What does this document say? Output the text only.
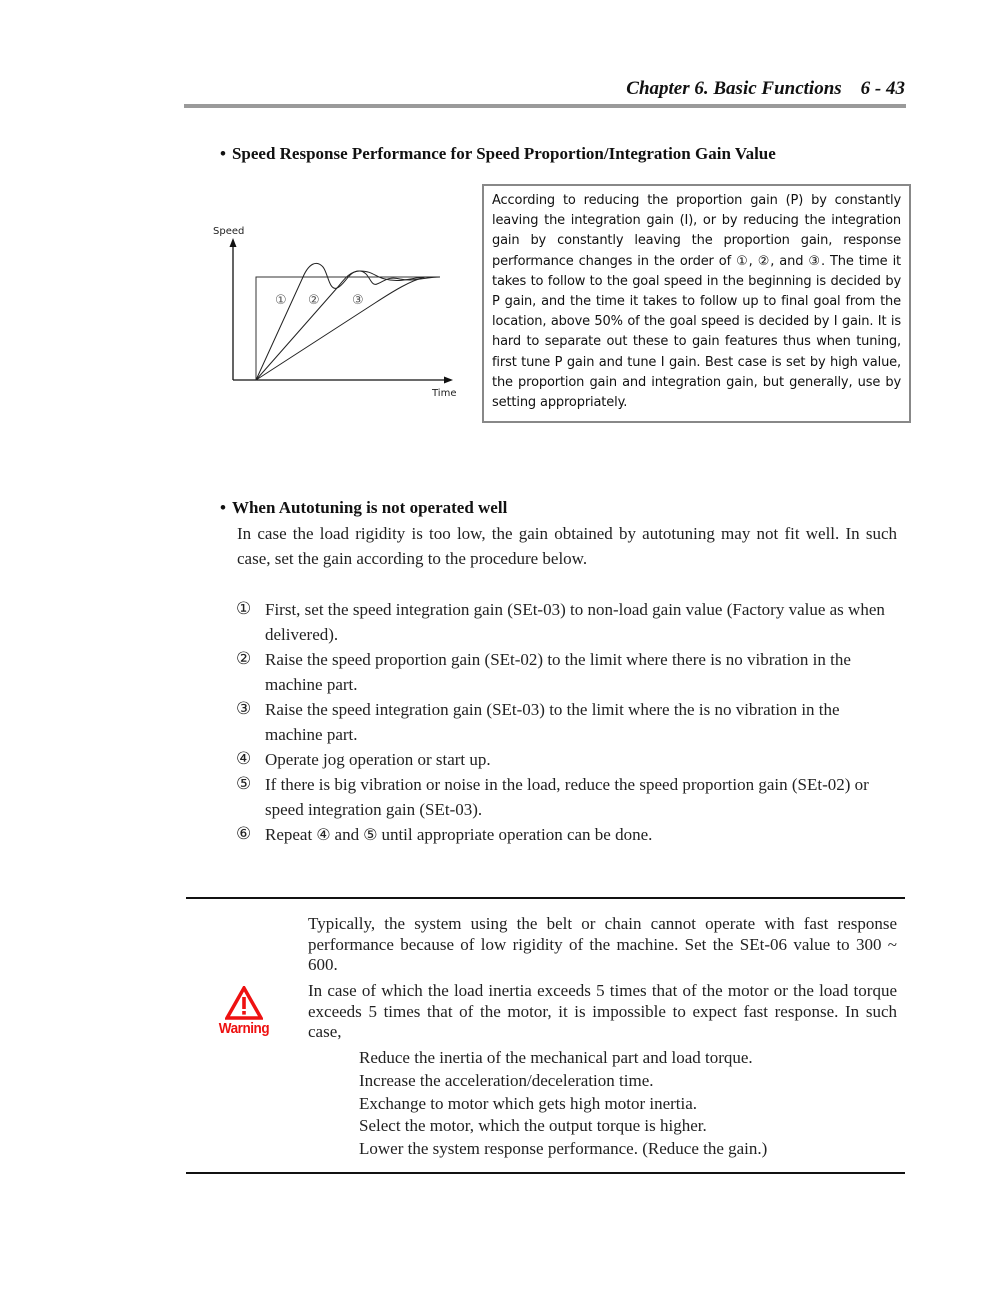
Chapter 6. Basic Functions 6 - 43
• Speed Response Performance for Speed Proportion/Integration Gain Value
Speed
Time
① ② ③

According to reducing the proportion gain (P) by constantly leaving the integration gain (I), or by reducing the integration gain by constantly leaving the proportion gain, response performance changes in the order of ①, ②, and ③. The time it takes to follow to the goal speed in the beginning is decided by P gain, and the time it takes to follow up to final goal from the location, above 50% of the goal speed is decided by I gain. It is hard to separate out these to gain features thus when tuning, first tune P gain and tune I gain. Best case is set by high value, the proportion gain and integration gain, but generally, use by setting appropriately.

• When Autotuning is not operated well
In case the load rigidity is too low, the gain obtained by autotuning may not fit well. In such case, set the gain according to the procedure below.
① First, set the speed integration gain (SEt-03) to non-load gain value (Factory value as when delivered).
② Raise the speed proportion gain (SEt-02) to the limit where there is no vibration in the machine part.
③ Raise the speed integration gain (SEt-03) to the limit where the is no vibration in the machine part.
④ Operate jog operation or start up.
⑤ If there is big vibration or noise in the load, reduce the speed proportion gain (SEt-02) or speed integration gain (SEt-03).
⑥ Repeat ④ and ⑤ until appropriate operation can be done.
Warning

Typically, the system using the belt or chain cannot operate with fast response performance because of low rigidity of the machine. Set the SEt-06 value to 300 ~ 600.

In case of which the load inertia exceeds 5 times that of the motor or the load torque exceeds 5 times that of the motor, it is impossible to expect fast response. In such case,

Reduce the inertia of the mechanical part and load torque.
Increase the acceleration/deceleration time.
Exchange to motor which gets high motor inertia.
Select the motor, which the output torque is higher.
Lower the system response performance. (Reduce the gain.)
